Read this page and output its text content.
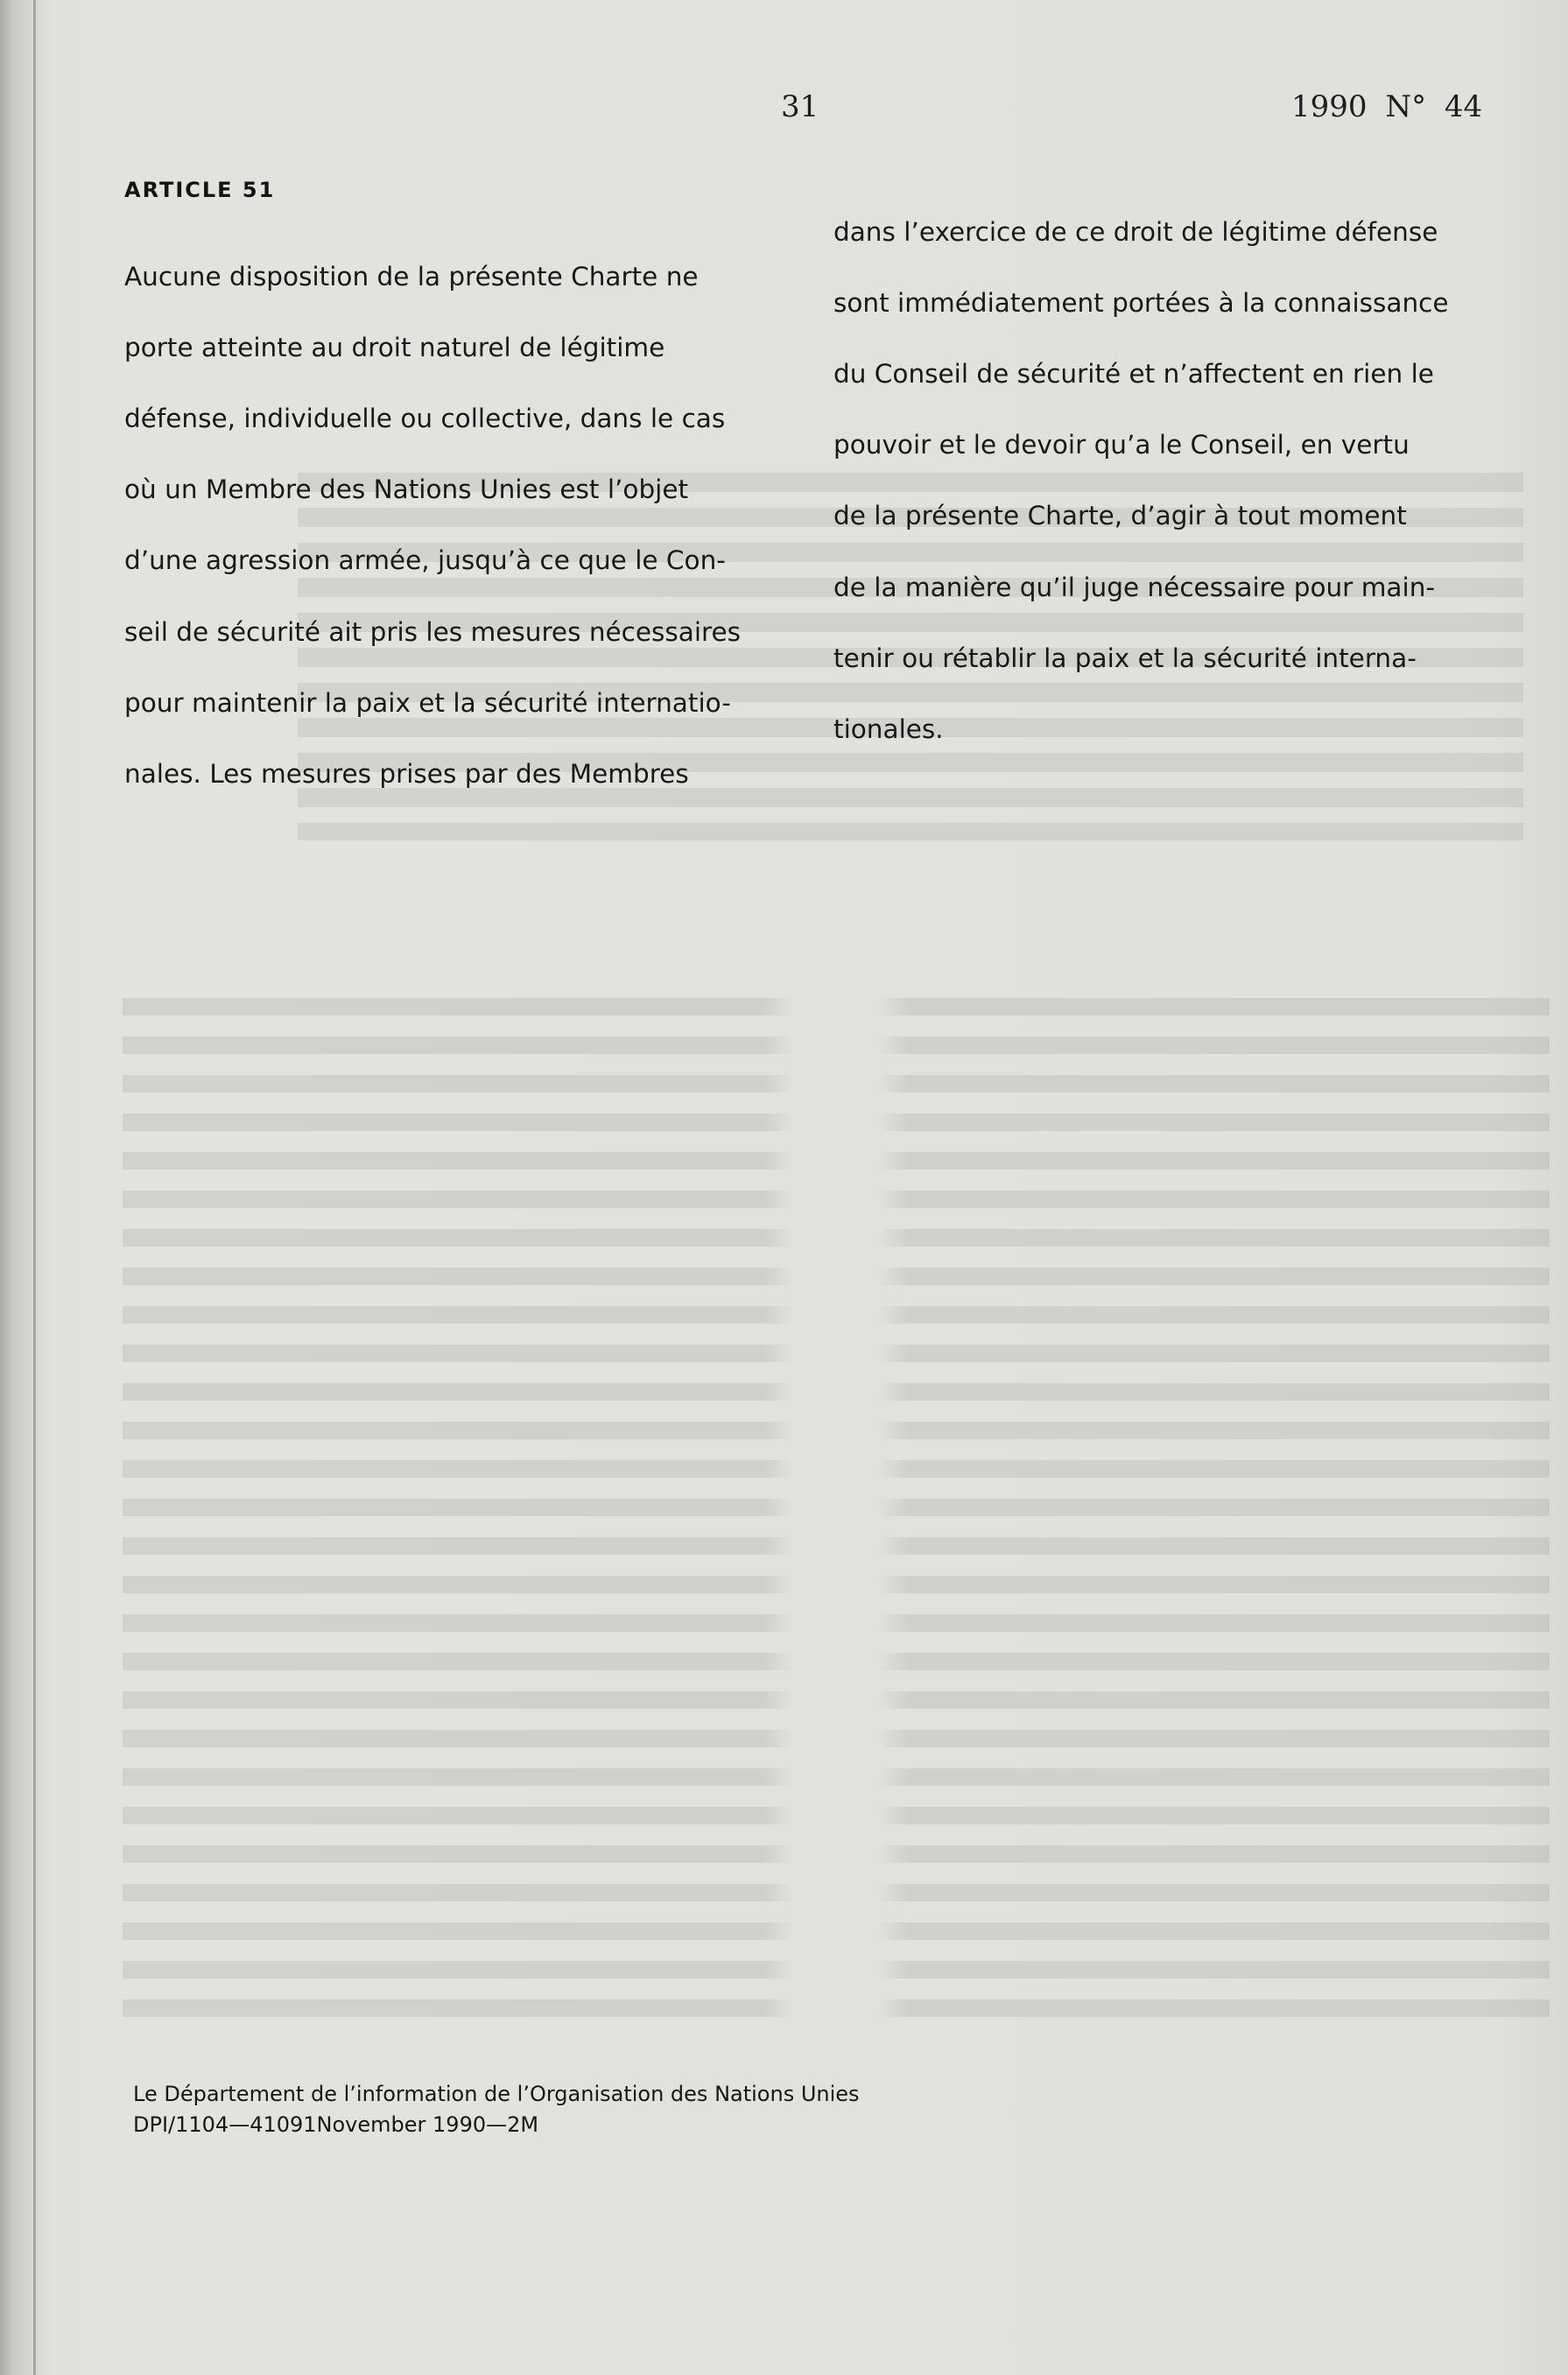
31	1990 N° 44
ARTICLE 51

Aucune disposition de la présente Charte ne

porte atteinte au droit naturel de légitime

défense, individuelle ou collective, dans le cas

où un Membre des Nations Unies est l’objet

d’une agression armée, jusqu’à ce que le Con-

seil de sécurité ait pris les mesures nécessaires

pour maintenir la paix et la sécurité internatio-

nales. Les mesures prises par des Membres

dans l’exercice de ce droit de légitime défense

sont immédiatement portées à la connaissance

du Conseil de sécurité et n’affectent en rien le

pouvoir et le devoir qu’a le Conseil, en vertu

de la présente Charte, d’agir à tout moment

de la manière qu’il juge nécessaire pour main-

tenir ou rétablir la paix et la sécurité interna-

tionales.

Le Département de l’information de l’Organisation des Nations Unies
DPI/1104—41091November 1990—2M
